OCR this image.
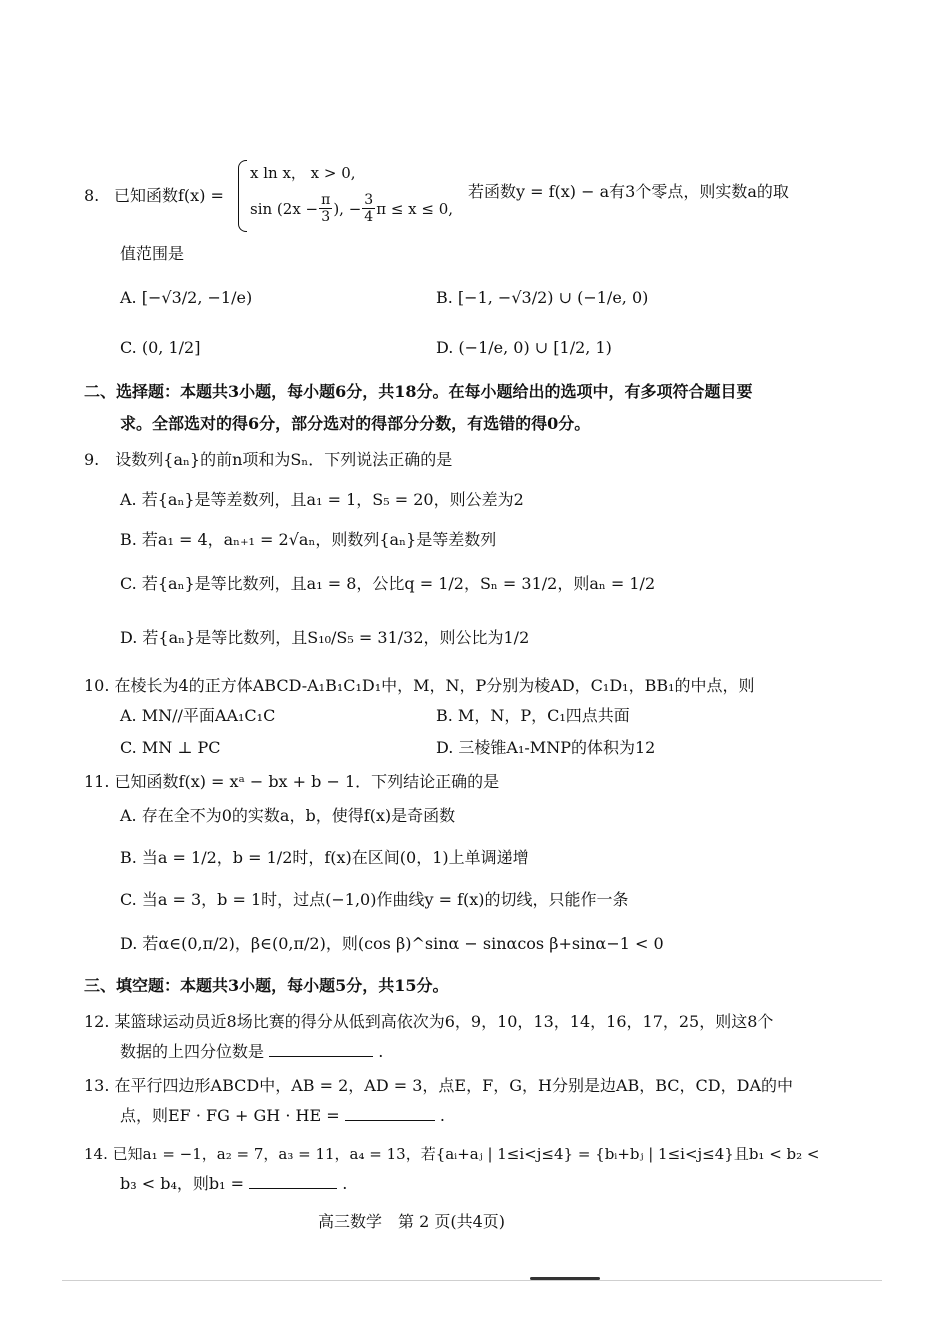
8. 已知函数f(x) =
x ln x， x > 0,
$\sin (2x - \frac{\pi}{3}$ ), − $\frac{3}{4}$ π ≤ x ≤ 0,
若函数y = f(x) − a有3个零点，则实数a的取
值范围是
A. [−√3/2, −1/e)	B. [−1, −√3/2) ∪ (−1/e, 0)
C. (0, 1/2]	D. (−1/e, 0) ∪ [1/2, 1)
二、选择题：本题共3小题，每小题6分，共18分。在每小题给出的选项中，有多项符合题目要
求。全部选对的得6分，部分选对的得部分分数，有选错的得0分。
9.　设数列{aₙ}的前n项和为Sₙ．下列说法正确的是
A. 若{aₙ}是等差数列，且a₁ = 1，S₅ = 20，则公差为2
B. 若a₁ = 4，aₙ₊₁ = 2√aₙ，则数列{aₙ}是等差数列
C. 若{aₙ}是等比数列，且a₁ = 8，公比q = 1/2，Sₙ = 31/2，则aₙ = 1/2
D. 若{aₙ}是等比数列，且S₁₀/S₅ = 31/32，则公比为1/2
10. 在棱长为4的正方体ABCD-A₁B₁C₁D₁中，M，N，P分别为棱AD，C₁D₁，BB₁的中点，则
A. MN//平面AA₁C₁C	B. M，N，P，C₁四点共面
C. MN ⊥ PC	D. 三棱锥A₁-MNP的体积为12
11. 已知函数f(x) = xᵃ − bx + b − 1．下列结论正确的是
A. 存在全不为0的实数a，b，使得f(x)是奇函数
B. 当a = 1/2，b = 1/2时，f(x)在区间(0，1)上单调递增
C. 当a = 3，b = 1时，过点(−1,0)作曲线y = f(x)的切线，只能作一条
D. 若α∈(0,π/2)，β∈(0,π/2)，则(cos β)^sinα − sinαcos β+sinα−1 < 0
三、填空题：本题共3小题，每小题5分，共15分。
12. 某篮球运动员近8场比赛的得分从低到高依次为6，9，10，13，14，16，17，25，则这8个
数据的上四分位数是	.
13. 在平行四边形ABCD中，AB = 2，AD = 3，点E，F，G，H分别是边AB，BC，CD，DA的中
点，则EF · FG + GH · HE =	.
14. 已知a₁ = −1，a₂ = 7，a₃ = 11，a₄ = 13，若{aᵢ+aⱼ | 1≤i<j≤4} = {bᵢ+bⱼ | 1≤i<j≤4}且b₁ < b₂ <
b₃ < b₄，则b₁ =	.
高三数学　第 2 页(共4页)
